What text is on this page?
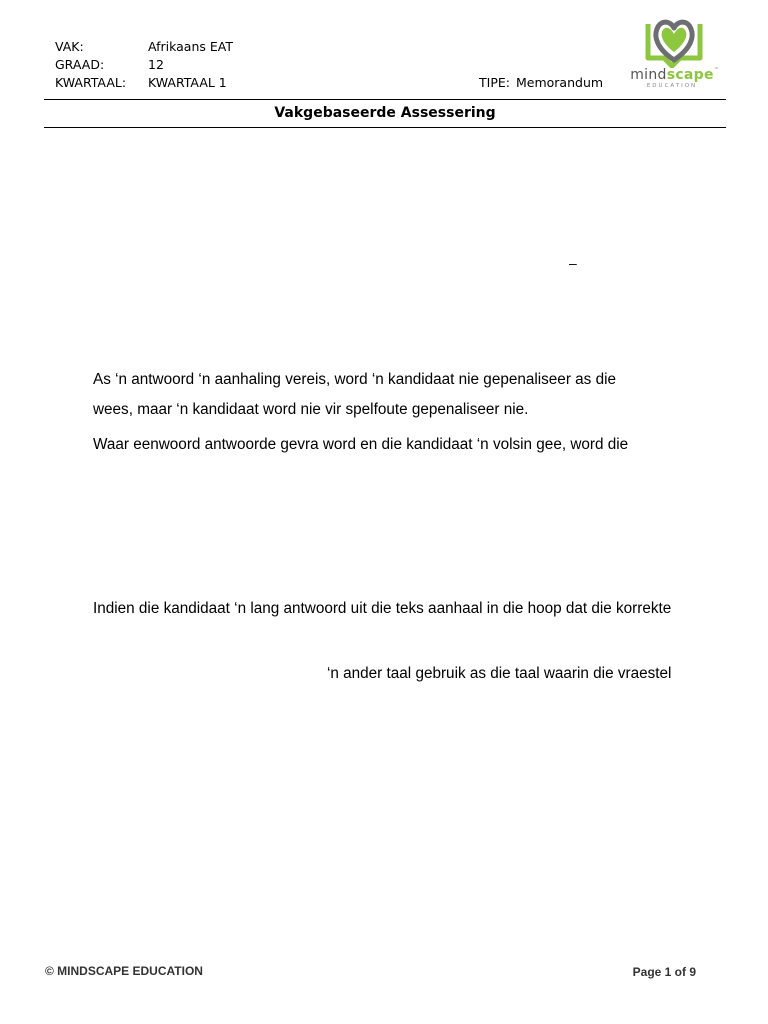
VAK:	Afrikaans EAT
GRAAD:	12
KWARTAAL:	KWARTAAL 1	TIPE: Memorandum mindscape ™
EDUCATION
Vakgebaseerde Assessering
–
As ‘n antwoord ‘n aanhaling vereis, word ‘n kandidaat nie gepenaliseer as die
wees, maar ‘n kandidaat word nie vir spelfoute gepenaliseer nie.
Waar eenwoord antwoorde gevra word en die kandidaat ‘n volsin gee, word die
Indien die kandidaat ‘n lang antwoord uit die teks aanhaal in die hoop dat die korrekte
‘n ander taal gebruik as die taal waarin die vraestel
© MINDSCAPE EDUCATION	Page 1 of 9
